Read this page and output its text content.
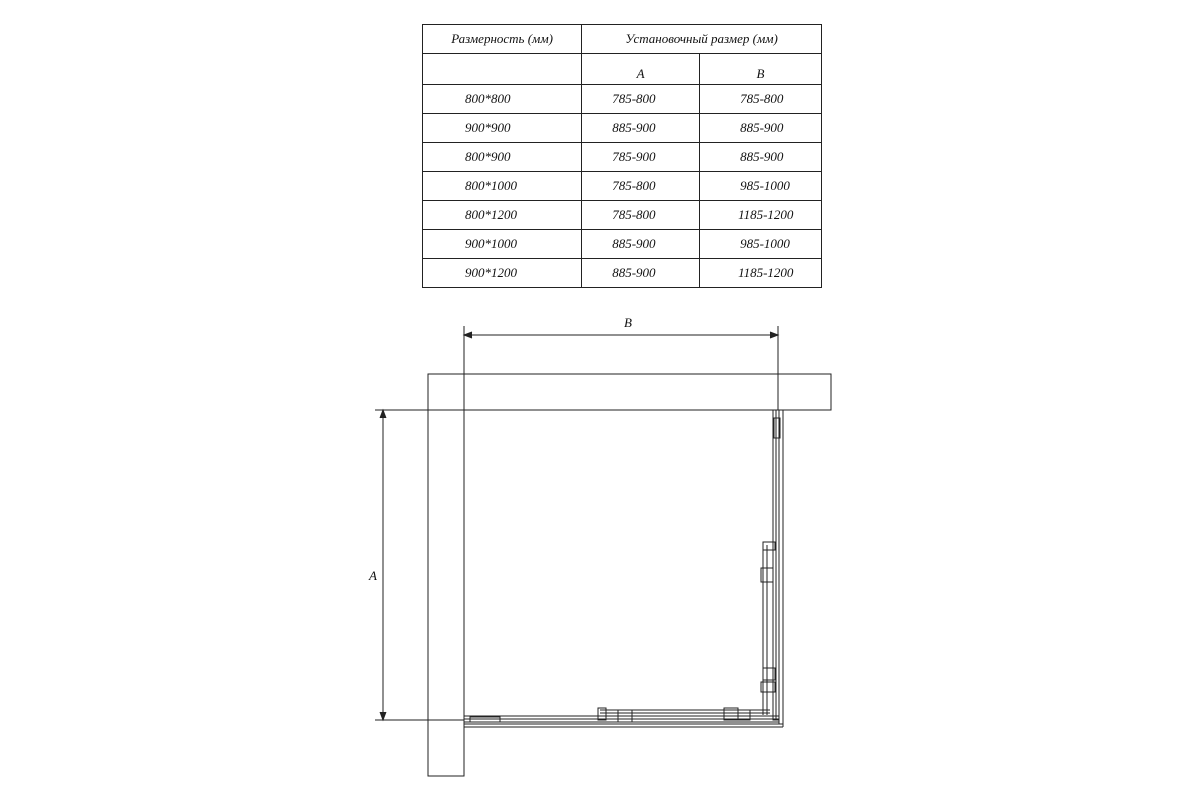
Размерность (мм)	Установочный размер (мм)	
	A	B
800*800	785-800	785-800
900*900	885-900	885-900
800*900	785-900	885-900
800*1000	785-800	985-1000
800*1200	785-800	1185-1200
900*1000	885-900	985-1000
900*1200	885-900	1185-1200
B
A
